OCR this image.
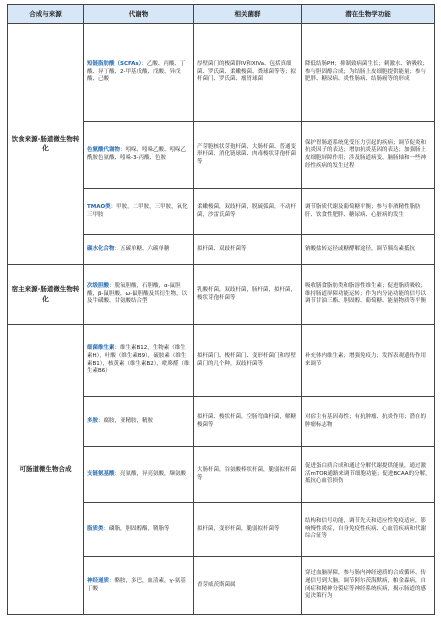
合成与来源	代谢物	相关菌群	潜在生物学功能
饮食来源-肠道微生物转化	短链脂肪酸（SCFAs）：乙酸、丙酸、丁酸、异丁酸、2-甲基戊酸、戊酸、异戊酸、己酸	厚壁菌门的梭菌群IV和XIVa、包括真细菌、罗氏菌、柔嫩梭菌、粪球菌等等；拟杆菌门、罗氏菌、瘤胃球菌	降低结肠PH；抑制致病菌生长；刺激水、钠吸收；参与胆固醇合成；为结肠上皮细胞提供能量；参与肥胖、糖尿病、炎性肠病、结肠癌等的形成
	色氨酸代谢物：吲哚、吲哚乙酸、吲哚乙酰胺色氨酸、吲哚-3-丙酸、色胺	产芽胞核状芽孢杆菌、大肠杆菌、普通变形杆菌、消化链球菌、肉毒梭状芽孢杆菌等	保护胃肠道系统免受压力引起的疾病；调节促炎和抗炎因子的表达；增加抗炎基因的表达；加强肠上皮细胞屏障作用；涉及肠道病变、脑肠轴和一些神经性疾病的发生过程
	TMAO类：甲胺，二甲胺，三甲胺，氧化三甲胺	柔嫩梭菌，双歧杆菌，脱硫弧菌，不动杆菌，沙雷氏菌等	调节脂质代谢及葡萄糖平衡；参与非酒精性脂肪肝、饮食性肥胖、糖尿病、心脏病的发生
	碳水化合物：五碳单糖、六碳单糖	拟杆菌、双歧杆菌等	钠酸盐转运径或糖酵解途径，调节胰岛素抵抗
宿主来源-肠道微生物转化	次级胆酸：脱氧胆酸，石胆酸，α-鼠胆酸，β-鼠胆酸，ω-鼠胆酸及其衍生物，以及牛磺酸、甘氨酸结合型	乳酸杆菌，双歧杆菌，肠杆菌，拟杆菌，梭状芽孢杆菌等	吸收膳食脂肪类和脂溶性维生素；促进脂质吸收；维持肠道屏障功能运转；作为内分泌功能的信号以调节甘油三酯、胆固醇、葡萄糖、能量物质等平衡
可肠道微生物合成	细菌维生素：维生素B12，生物素（维生素H），叶酸（维生素B9），硫胺素（维生素B1），核黄素（维生素B2），吡哆醛（维生素B6）	拟杆菌门、梭杆菌门、变形杆菌门和厚壁菌门的几个种，双歧杆菌等	补充体内维生素；增强免疫力；发挥表观遗传作用来调节
	多胺：腐胺，亚精胺，精胺	拟杆菌、梭状杆菌，空肠弯曲杆菌，解糖梭菌等	对宿主有基因毒性；有抗肿瘤、抗炎作用；潜在的肿瘤标志物
	支链氨基酸：亮氨酸，异亮氨酸，缬氨酸	大肠杆菌，谷氨酸棒状杆菌，脆弱拟杆菌等	促进蛋白质合成和通过分解代谢提供能量，通过激活mTOR通路来调节细胞功能；促进BCAA的分解，抵抗心血管损伤
	脂质类：磷脂，胆固醇酯，鞘脂等	拟杆菌，变形杆菌，脆弱拟杆菌等	结构和信号功能，调节先天和适应性免疫适应，影响慢性炎症，自身免疫性疾病、心血管疾病和代谢综合征等
	神经递质：酪胺，多巴，血清素，γ-氨基丁酸	香芽威茨斯菌属	穿过血脑屏障，参与肠内神经递质的合成循环、传递信号到大脑，调节阿尔茨海默病，帕金森病，自闭症和精神分裂症等神经系统疾病，揭示肠道的感觉决策行为
